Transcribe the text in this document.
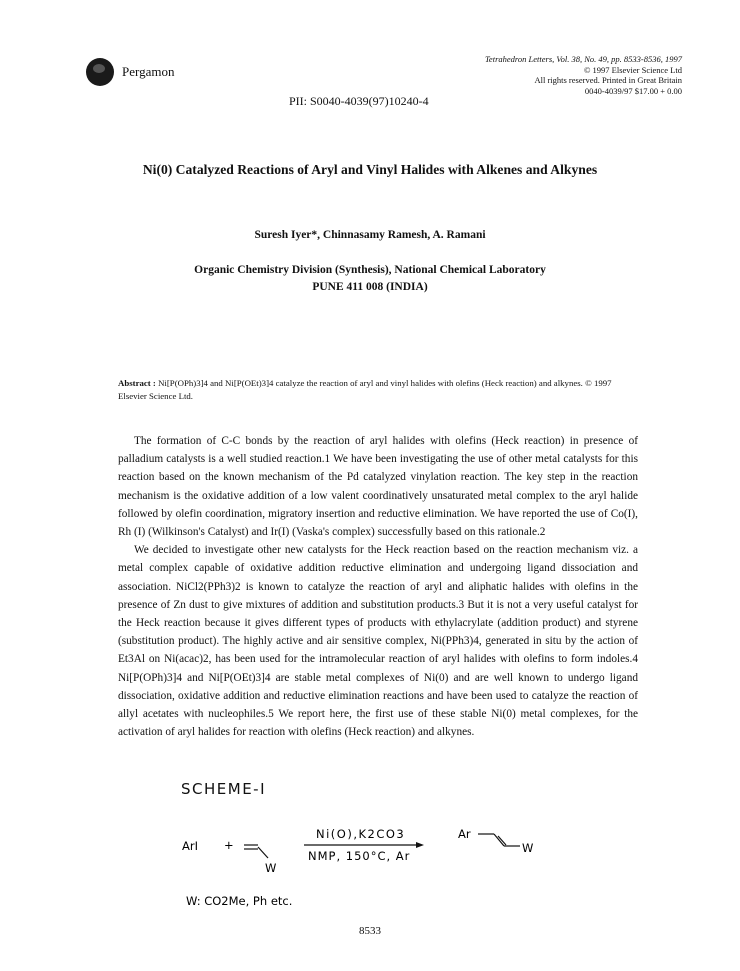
Pergamon
PII: S0040-4039(97)10240-4
Tetrahedron Letters, Vol. 38, No. 49, pp. 8533-8536, 1997
© 1997 Elsevier Science Ltd
All rights reserved. Printed in Great Britain
0040-4039/97 $17.00 + 0.00
Ni(0) Catalyzed Reactions of Aryl and Vinyl Halides with Alkenes and Alkynes
Suresh Iyer*, Chinnasamy Ramesh, A. Ramani
Organic Chemistry Division (Synthesis), National Chemical Laboratory
PUNE 411 008 (INDIA)
Abstract : Ni[P(OPh)3]4 and Ni[P(OEt)3]4 catalyze the reaction of aryl and vinyl halides with olefins (Heck reaction) and alkynes. © 1997 Elsevier Science Ltd.

The formation of C-C bonds by the reaction of aryl halides with olefins (Heck reaction) in presence of palladium catalysts is a well studied reaction.1 We have been investigating the use of other metal catalysts for this reaction based on the known mechanism of the Pd catalyzed vinylation reaction. The key step in the reaction mechanism is the oxidative addition of a low valent coordinatively unsaturated metal complex to the aryl halide followed by olefin coordination, migratory insertion and reductive elimination. We have reported the use of Co(I), Rh (I) (Wilkinson's Catalyst) and Ir(I) (Vaska's complex) successfully based on this rationale.2

We decided to investigate other new catalysts for the Heck reaction based on the reaction mechanism viz. a metal complex capable of oxidative addition reductive elimination and undergoing ligand dissociation and association. NiCl2(PPh3)2 is known to catalyze the reaction of aryl and aliphatic halides with olefins in the presence of Zn dust to give mixtures of addition and substitution products.3 But it is not a very useful catalyst for the Heck reaction because it gives different types of products with ethylacrylate (addition product) and styrene (substitution product). The highly active and air sensitive complex, Ni(PPh3)4, generated in situ by the action of Et3Al on Ni(acac)2, has been used for the intramolecular reaction of aryl halides with olefins to form indoles.4 Ni[P(OPh)3]4 and Ni[P(OEt)3]4 are stable metal complexes of Ni(0) and are well known to undergo ligand dissociation, oxidative addition and reductive elimination reactions and have been used to catalyze the reaction of allyl acetates with nucleophiles.5 We report here, the first use of these stable Ni(0) metal complexes, for the activation of aryl halides for reaction with olefins (Heck reaction) and alkynes.

SCHEME-I
ArI +
W
Ni(O),K2CO3
NMP, 150°C, Ar
Ar
W
W: CO2Me, Ph etc.
8533
